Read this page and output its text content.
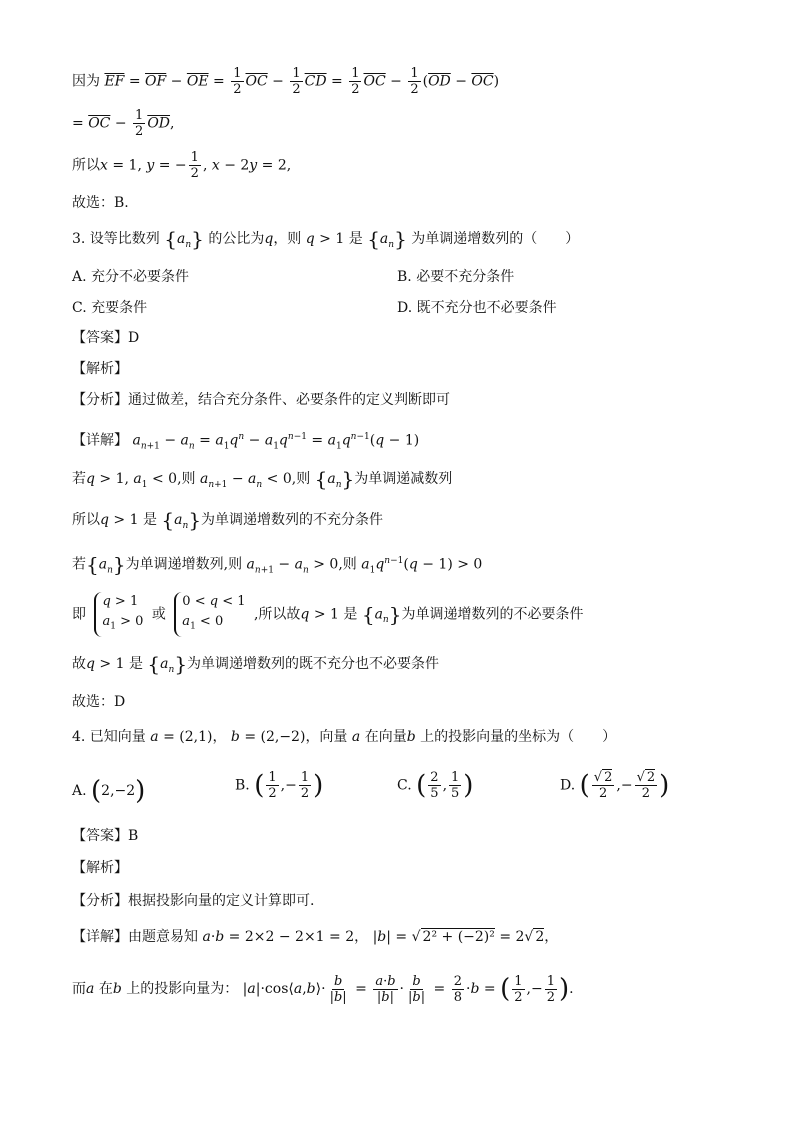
因为 $\overline{EF} = \overline{OF} - \overline{OE} = \frac{1}{2} \overline{OC} - \frac{1}{2} \overline{CD} = \frac{1}{2} \overline{OC} - \frac{1}{2} (\overline{OD} - \overline{OC})$
= $\overline{OC} - \frac{1}{2} \overline{OD}$,
所以x = 1, y = − $\frac{1}{2}$ , x − 2y = 2,
故选：B.
3. 设等比数列 $\{a_n\}$ 的公比为q，则 q > 1 是 $\{a_n\}$ 为单调递增数列的（　　）
A. 充分不必要条件	B. 必要不充分条件
C. 充要条件	D. 既不充分也不必要条件
【答案】D
【解析】
【分析】通过做差，结合充分条件、必要条件的定义判断即可
【详解】 $a_{n+1} - a_n = a_1q^n - a_1q^{n-1} = a_1q^{n-1}(q - 1)$
若q > 1, $a_1 < 0$,则 $a_{n+1} - a_n < 0$,则 $\{a_n\}$为单调递减数列
所以q > 1 是 $\{a_n\}$为单调递增数列的不充分条件
若$\{a_n\}$为单调递增数列,则 $a_{n+1} - a_n > 0$,则 $a_1q^{n-1}(q - 1) > 0$
即
q > 1
$a_1 > 0$ 或
0 < q < 1
$a_1 < 0$	,所以故q > 1 是 $\{a_n\}$为单调递增数列的不必要条件
故q > 1 是 $\{a_n\}$为单调递增数列的既不充分也不必要条件
故选：D
4. 已知向量 a = (2,1)， b = (2,−2)，向量 a 在向量b 上的投影向量的坐标为（　　）
A. (2,−2)	B. ( $\frac{1}{2}$ ,− $\frac{1}{2}$ )	C. ( $\frac{2}{5}$ , $\frac{1}{5}$ )	D. ( $\frac{√ 2}{2}$ ,− $\frac{√ 2}{2}$ )
【答案】B
【解析】
【分析】根据投影向量的定义计算即可.
【详解】由题意易知 a·b = 2×2 − 2×1 = 2， |b| = √ 2² + (−2)² = 2√ 2，
而a 在b 上的投影向量为： |a|·cos⟨a,b⟩· $\frac{b}{|b|} = \frac{a\cdot b}{|b|} \cdot \frac{b}{|b|} = \frac{2}{8} \cdot b$ = ( $\frac{1}{2}$ ,− $\frac{1}{2}$ ).
